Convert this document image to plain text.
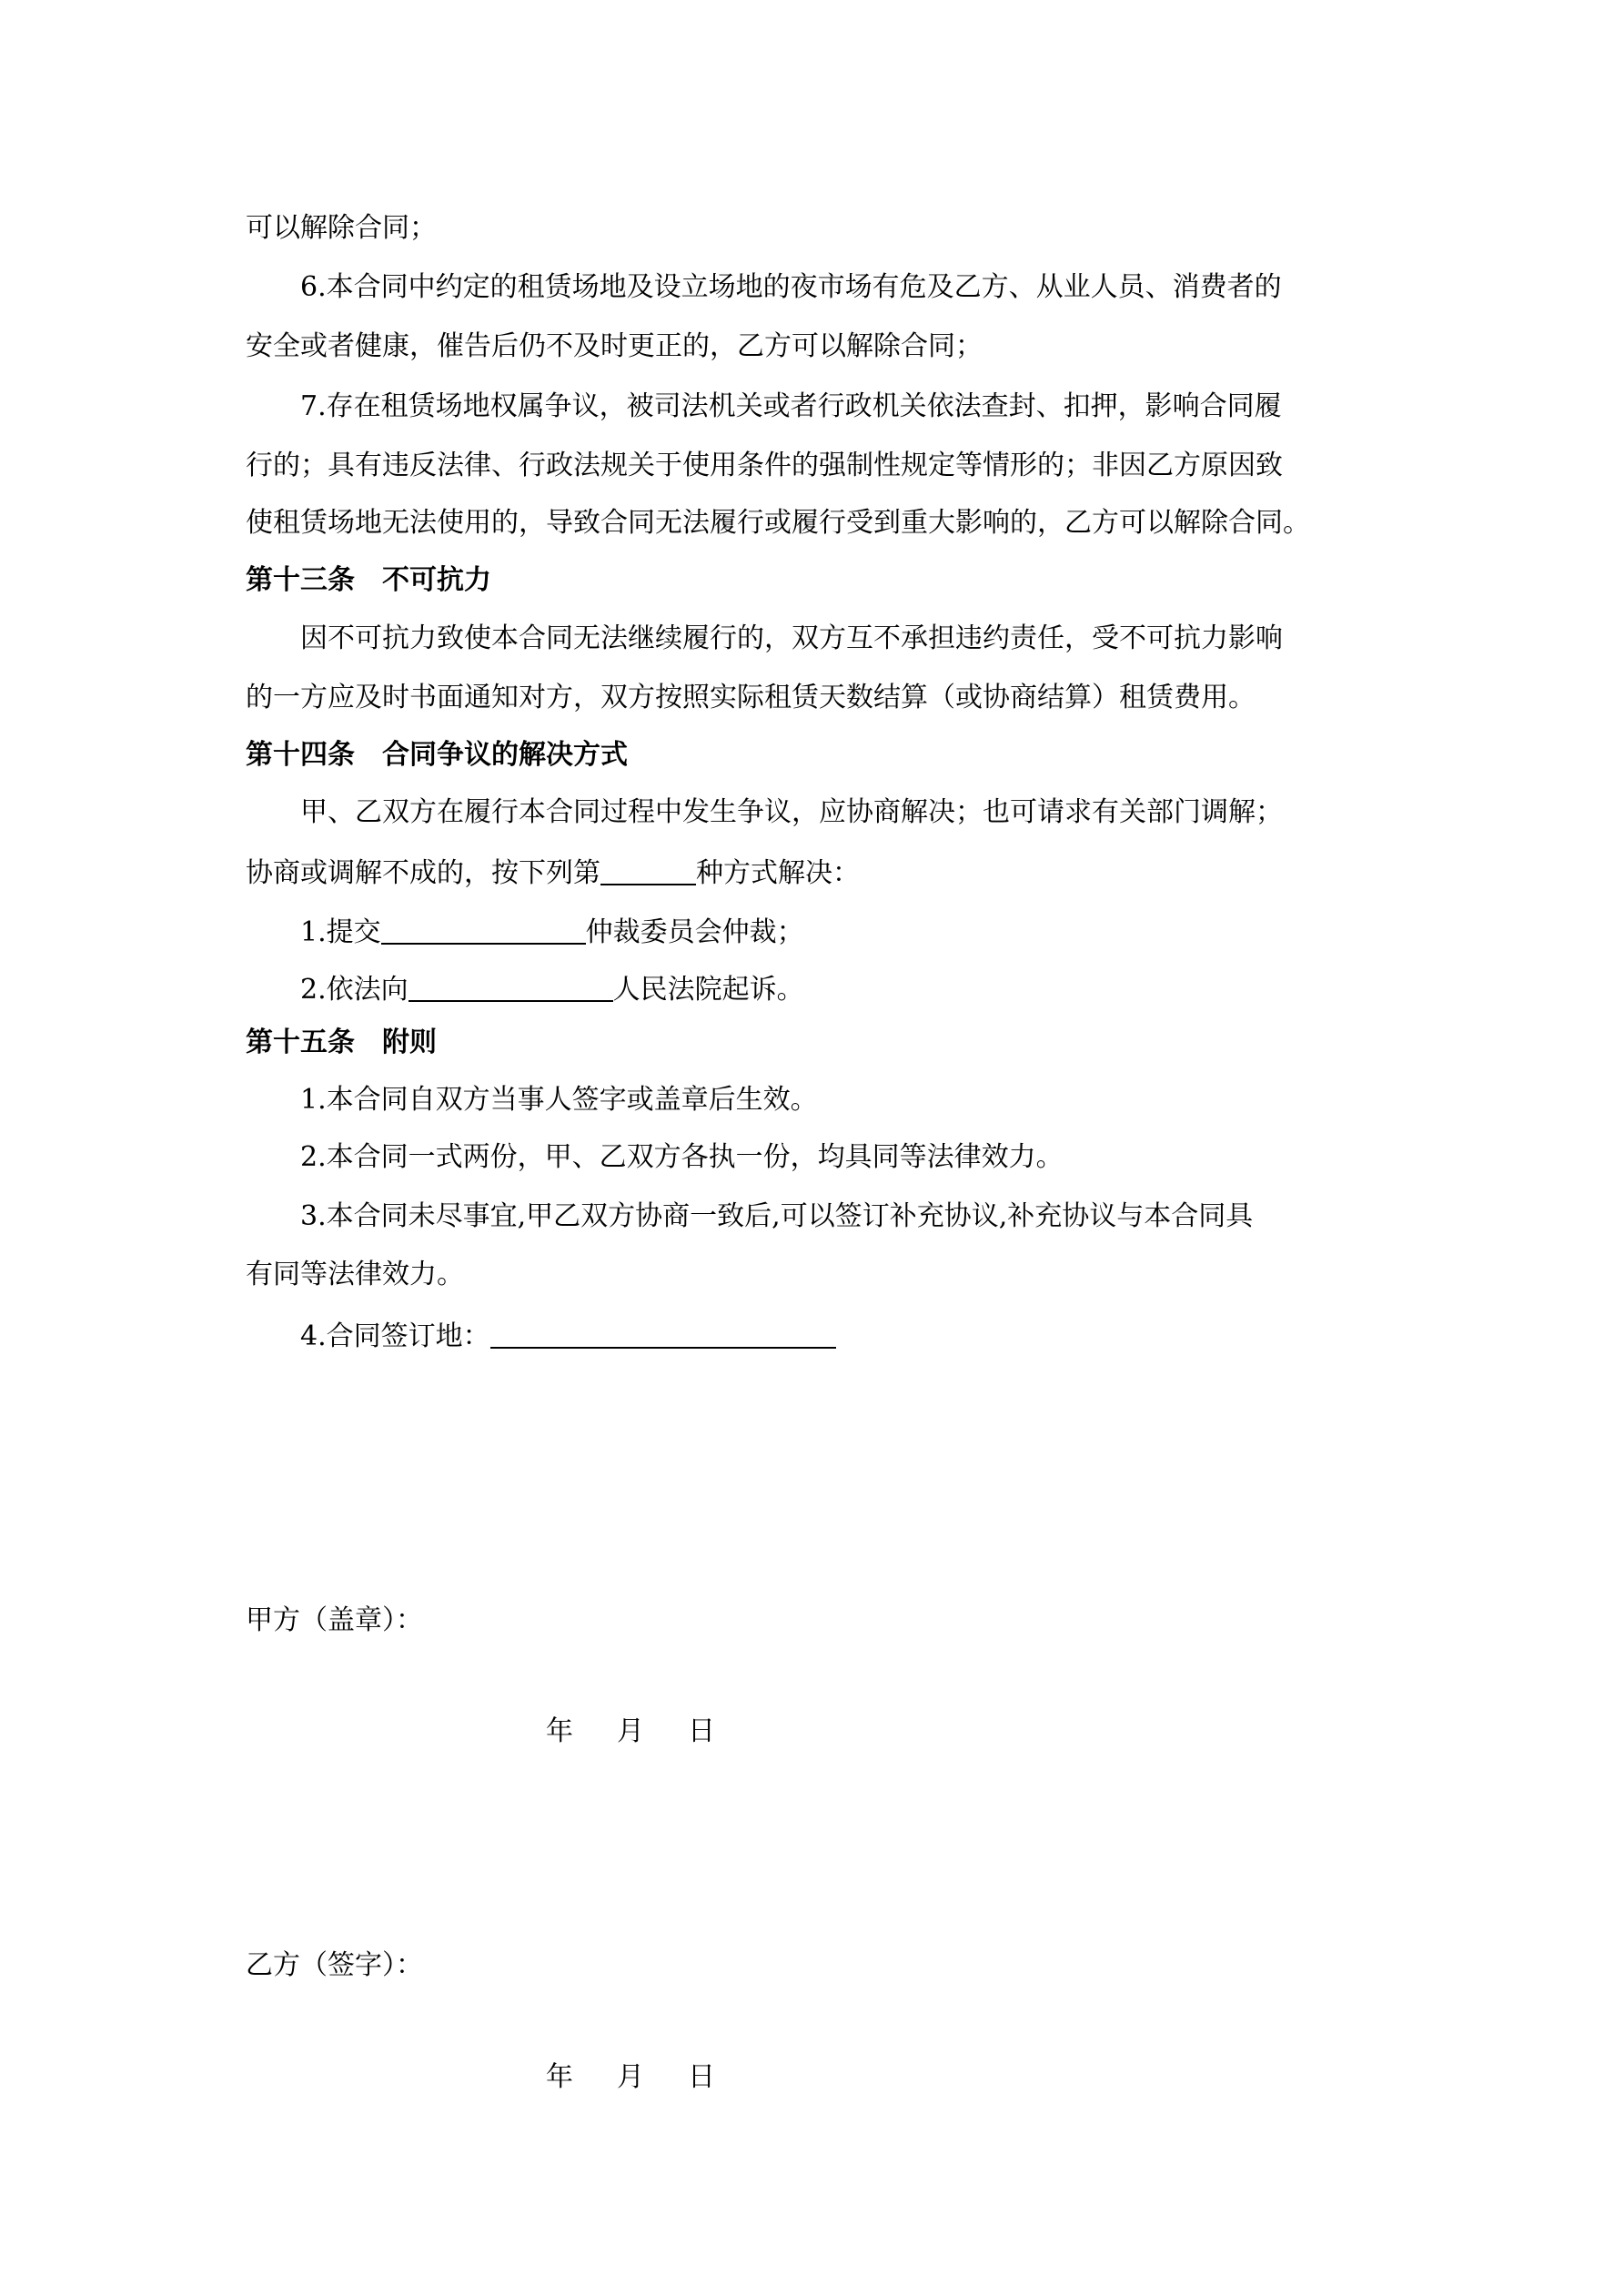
可以解除合同；
6.本合同中约定的租赁场地及设立场地的夜市场有危及乙方、从业人员、消费者的
安全或者健康，催告后仍不及时更正的，乙方可以解除合同；
7.存在租赁场地权属争议，被司法机关或者行政机关依法查封、扣押，影响合同履
行的；具有违反法律、行政法规关于使用条件的强制性规定等情形的；非因乙方原因致
使租赁场地无法使用的，导致合同无法履行或履行受到重大影响的，乙方可以解除合同。
第十三条　不可抗力
因不可抗力致使本合同无法继续履行的，双方互不承担违约责任，受不可抗力影响
的一方应及时书面通知对方，双方按照实际租赁天数结算（或协商结算）租赁费用。
第十四条　合同争议的解决方式
甲、乙双方在履行本合同过程中发生争议，应协商解决；也可请求有关部门调解；
协商或调解不成的，按下列第	种方式解决：
1.提交	仲裁委员会仲裁；
2.依法向	人民法院起诉。
第十五条　附则
1.本合同自双方当事人签字或盖章后生效。
2.本合同一式两份，甲、乙双方各执一份，均具同等法律效力。
3.本合同未尽事宜,甲乙双方协商一致后,可以签订补充协议,补充协议与本合同具
有同等法律效力。
4.合同签订地：
甲方（盖章）：
年 月 日
乙方（签字）：
年 月 日
